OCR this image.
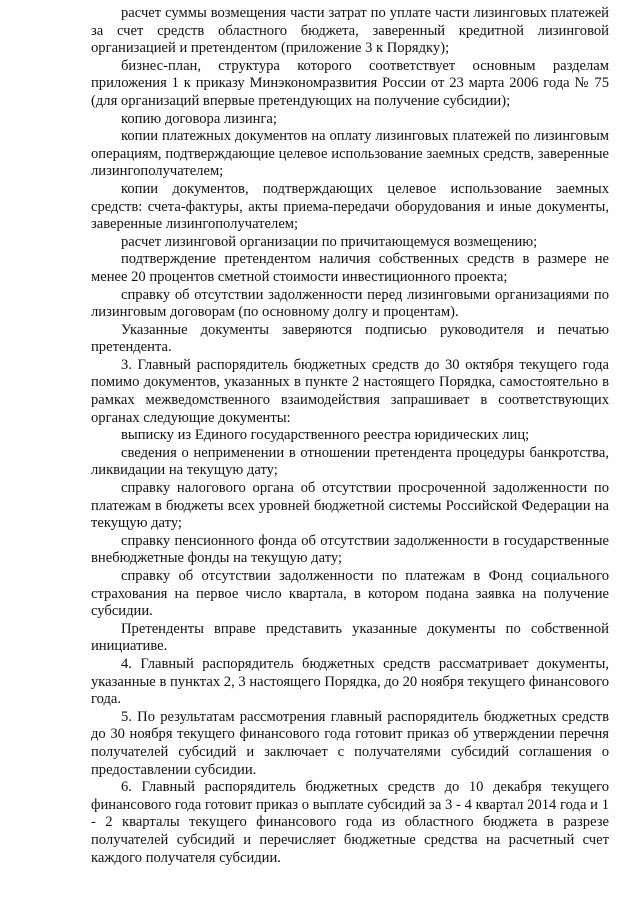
расчет суммы возмещения части затрат по уплате части лизинговых платежей за счет средств областного бюджета, заверенный кредитной лизинговой организацией и претендентом (приложение 3 к Порядку);

бизнес-план, структура которого соответствует основным разделам приложения 1 к приказу Минэкономразвития России от 23 марта 2006 года № 75 (для организаций впервые претендующих на получение субсидии);

копию договора лизинга;

копии платежных документов на оплату лизинговых платежей по лизинговым операциям, подтверждающие целевое использование заемных средств, заверенные лизингополучателем;

копии документов, подтверждающих целевое использование заемных средств: счета-фактуры, акты приема-передачи оборудования и иные документы, заверенные лизингополучателем;

расчет лизинговой организации по причитающемуся возмещению;

подтверждение претендентом наличия собственных средств в размере не менее 20 процентов сметной стоимости инвестиционного проекта;

справку об отсутствии задолженности перед лизинговыми организациями по лизинговым договорам (по основному долгу и процентам).

Указанные документы заверяются подписью руководителя и печатью претендента.

3. Главный распорядитель бюджетных средств до 30 октября текущего года помимо документов, указанных в пункте 2 настоящего Порядка, самостоятельно в рамках межведомственного взаимодействия запрашивает в соответствующих органах следующие документы:

выписку из Единого государственного реестра юридических лиц;

сведения о неприменении в отношении претендента процедуры банкротства, ликвидации на текущую дату;

справку налогового органа об отсутствии просроченной задолженности по платежам в бюджеты всех уровней бюджетной системы Российской Федерации на текущую дату;

справку пенсионного фонда об отсутствии задолженности в государственные внебюджетные фонды на текущую дату;

справку об отсутствии задолженности по платежам в Фонд социального страхования на первое число квартала, в котором подана заявка на получение субсидии.

Претенденты вправе представить указанные документы по собственной инициативе.

4. Главный распорядитель бюджетных средств рассматривает документы, указанные в пунктах 2, 3 настоящего Порядка, до 20 ноября текущего финансового года.

5. По результатам рассмотрения главный распорядитель бюджетных средств до 30 ноября текущего финансового года готовит приказ об утверждении перечня получателей субсидий и заключает с получателями субсидий соглашения о предоставлении субсидии.

6. Главный распорядитель бюджетных средств до 10 декабря текущего финансового года готовит приказ о выплате субсидий за 3 - 4 квартал 2014 года и 1 - 2 кварталы текущего финансового года из областного бюджета в разрезе получателей субсидий и перечисляет бюджетные средства на расчетный счет каждого получателя субсидии.
